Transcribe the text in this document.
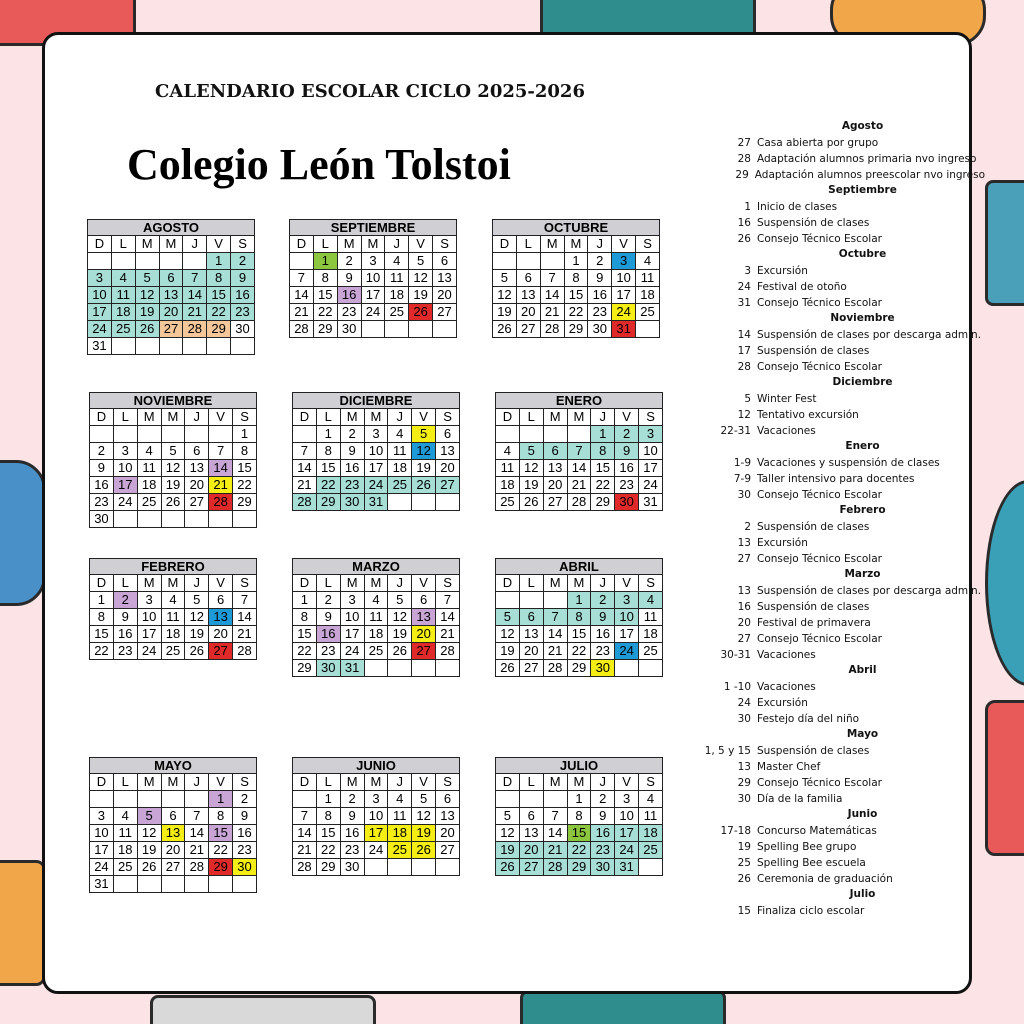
CALENDARIO ESCOLAR CICLO 2025-2026
Colegio León Tolstoi
AGOSTO
D	L	M	M	J	V	S
					1	2
3	4	5	6	7	8	9
10	11	12	13	14	15	16
17	18	19	20	21	22	23
24	25	26	27	28	29	30
31						
SEPTIEMBRE
D	L	M	M	J	V	S
	1	2	3	4	5	6
7	8	9	10	11	12	13
14	15	16	17	18	19	20
21	22	23	24	25	26	27
28	29	30				
OCTUBRE
D	L	M	M	J	V	S
			1	2	3	4
5	6	7	8	9	10	11
12	13	14	15	16	17	18
19	20	21	22	23	24	25
26	27	28	29	30	31	
NOVIEMBRE
D	L	M	M	J	V	S
						1
2	3	4	5	6	7	8
9	10	11	12	13	14	15
16	17	18	19	20	21	22
23	24	25	26	27	28	29
30						
DICIEMBRE
D	L	M	M	J	V	S
	1	2	3	4	5	6
7	8	9	10	11	12	13
14	15	16	17	18	19	20
21	22	23	24	25	26	27
28	29	30	31			
ENERO
D	L	M	M	J	V	S
				1	2	3
4	5	6	7	8	9	10
11	12	13	14	15	16	17
18	19	20	21	22	23	24
25	26	27	28	29	30	31
FEBRERO
D	L	M	M	J	V	S
1	2	3	4	5	6	7
8	9	10	11	12	13	14
15	16	17	18	19	20	21
22	23	24	25	26	27	28
MARZO
D	L	M	M	J	V	S
1	2	3	4	5	6	7
8	9	10	11	12	13	14
15	16	17	18	19	20	21
22	23	24	25	26	27	28
29	30	31				
ABRIL
D	L	M	M	J	V	S
			1	2	3	4
5	6	7	8	9	10	11
12	13	14	15	16	17	18
19	20	21	22	23	24	25
26	27	28	29	30		
MAYO
D	L	M	M	J	V	S
					1	2
3	4	5	6	7	8	9
10	11	12	13	14	15	16
17	18	19	20	21	22	23
24	25	26	27	28	29	30
31						
JUNIO
D	L	M	M	J	V	S
	1	2	3	4	5	6
7	8	9	10	11	12	13
14	15	16	17	18	19	20
21	22	23	24	25	26	27
28	29	30				
JULIO
D	L	M	M	J	V	S
			1	2	3	4
5	6	7	8	9	10	11
12	13	14	15	16	17	18
19	20	21	22	23	24	25
26	27	28	29	30	31	
Agosto
27 Casa abierta por grupo
28 Adaptación alumnos primaria nvo ingreso
29 Adaptación alumnos preescolar nvo ingreso
Septiembre
1 Inicio de clases
16 Suspensión de clases
26 Consejo Técnico Escolar
Octubre
3 Excursión
24 Festival de otoño
31 Consejo Técnico Escolar
Noviembre
14 Suspensión de clases por descarga admin.
17 Suspensión de clases
28 Consejo Técnico Escolar
Diciembre
5 Winter Fest
12 Tentativo excursión
22-31 Vacaciones
Enero
1-9 Vacaciones y suspensión de clases
7-9 Taller intensivo para docentes
30 Consejo Técnico Escolar
Febrero
2 Suspensión de clases
13 Excursión
27 Consejo Técnico Escolar
Marzo
13 Suspensión de clases por descarga admin.
16 Suspensión de clases
20 Festival de primavera
27 Consejo Técnico Escolar
30-31 Vacaciones
Abril
1 -10 Vacaciones
24 Excursión
30 Festejo día del niño
Mayo
1, 5 y 15 Suspensión de clases
13 Master Chef
29 Consejo Técnico Escolar
30 Día de la familia
Junio
17-18 Concurso Matemáticas
19 Spelling Bee grupo
25 Spelling Bee escuela
26 Ceremonia de graduación
Julio
15 Finaliza ciclo escolar
